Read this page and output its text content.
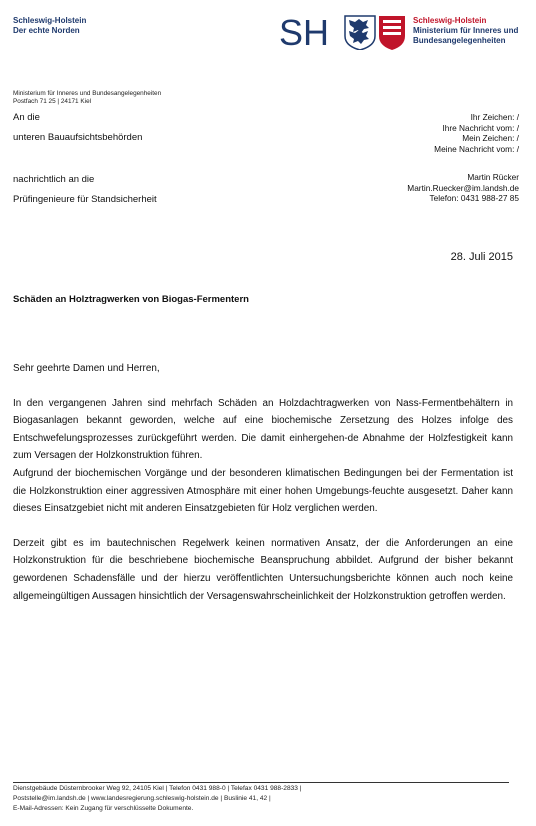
Schleswig-Holstein
Der echte Norden	SH	Schleswig-Holstein
Ministerium für Inneres und
Bundesangelegenheiten
Ministerium für Inneres und Bundesangelegenheiten
Postfach 71 25 | 24171 Kiel
An die
unteren Bauaufsichtsbehörden
nachrichtlich an die
Prüfingenieure für Standsicherheit
Ihr Zeichen: /
Ihre Nachricht vom: /
Mein Zeichen: /
Meine Nachricht vom: /
Martin Rücker
Martin.Ruecker@im.landsh.de
Telefon: 0431 988-27 85
28. Juli 2015
Schäden an Holztragwerken von Biogas-Fermentern

Sehr geehrte Damen und Herren,

In den vergangenen Jahren sind mehrfach Schäden an Holzdachtragwerken von Nass-Fermentbehältern in Biogasanlagen bekannt geworden, welche auf eine biochemische Zersetzung des Holzes infolge des Entschwefelungsprozesses zurückgeführt werden. Die damit einhergehen-de Abnahme der Holzfestigkeit kann zum Versagen der Holzkonstruktion führen.

Aufgrund der biochemischen Vorgänge und der besonderen klimatischen Bedingungen bei der Fermentation ist die Holzkonstruktion einer aggressiven Atmosphäre mit einer hohen Umgebungs-feuchte ausgesetzt. Daher kann dieses Einsatzgebiet nicht mit anderen Einsatzgebieten für Holz verglichen werden.

Derzeit gibt es im bautechnischen Regelwerk keinen normativen Ansatz, der die Anforderungen an eine Holzkonstruktion für die beschriebene biochemische Beanspruchung abbildet. Aufgrund der bisher bekannt gewordenen Schadensfälle und der hierzu veröffentlichten Untersuchungsberichte können auch noch keine allgemeingültigen Aussagen hinsichtlich der Versagenswahrscheinlichkeit der Holzkonstruktion getroffen werden.

Dienstgebäude Düsternbrooker Weg 92, 24105 Kiel | Telefon 0431 988-0 | Telefax 0431 988-2833 |
Poststelle@im.landsh.de | www.landesregierung.schleswig-holstein.de | Buslinie 41, 42 |
E-Mail-Adressen: Kein Zugang für verschlüsselte Dokumente.
